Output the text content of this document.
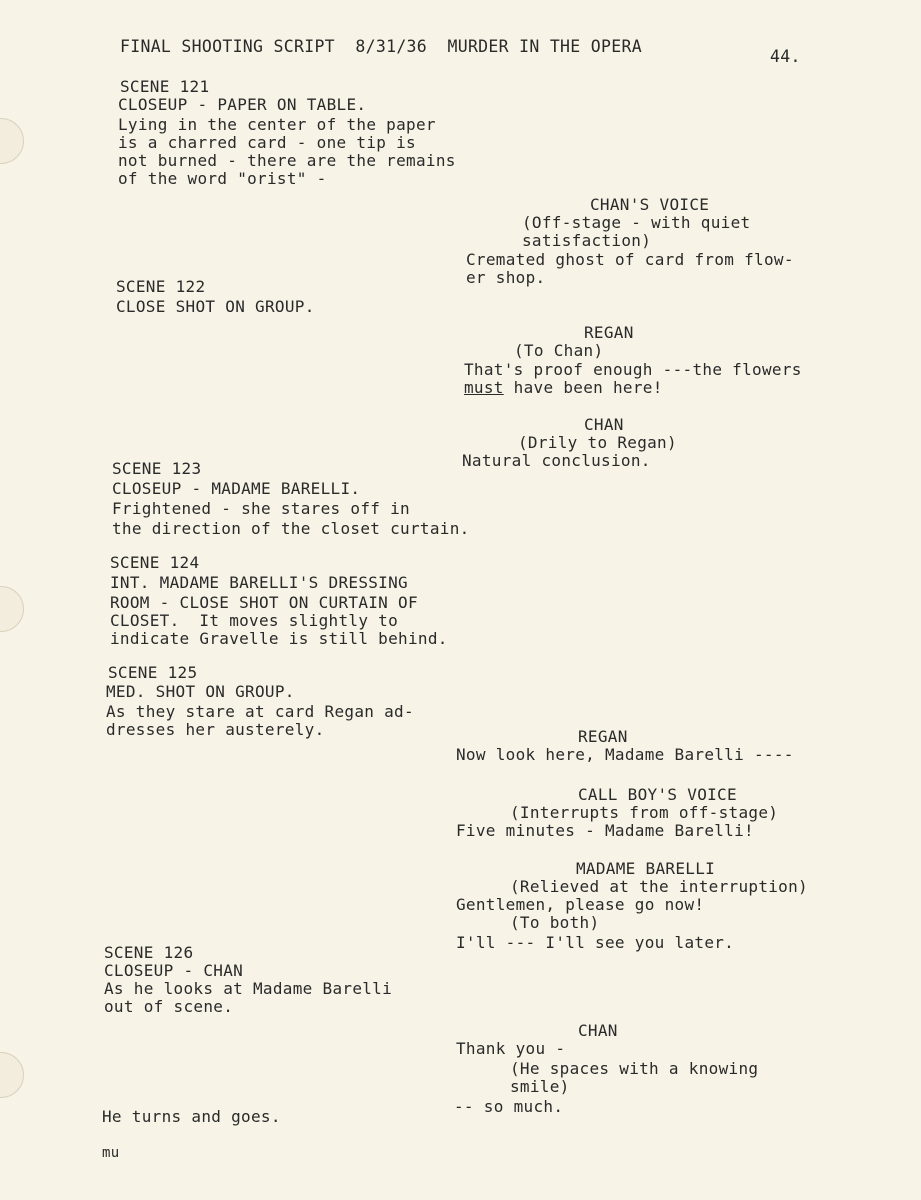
FINAL SHOOTING SCRIPT  8/31/36  MURDER IN THE OPERA
44.
SCENE 121
CLOSEUP - PAPER ON TABLE.
Lying in the center of the paper
is a charred card - one tip is
not burned - there are the remains
of the word "orist" -
CHAN'S VOICE
(Off-stage - with quiet
satisfaction)
Cremated ghost of card from flow-
er shop.
SCENE 122
CLOSE SHOT ON GROUP.
REGAN
(To Chan)
That's proof enough ---the flowers
must have been here!
CHAN
(Drily to Regan)
Natural conclusion.
SCENE 123
CLOSEUP - MADAME BARELLI.
Frightened - she stares off in
the direction of the closet curtain.
SCENE 124
INT. MADAME BARELLI'S DRESSING
ROOM - CLOSE SHOT ON CURTAIN OF
CLOSET.  It moves slightly to
indicate Gravelle is still behind.
SCENE 125
MED. SHOT ON GROUP.
As they stare at card Regan ad-
dresses her austerely.	REGAN
Now look here, Madame Barelli ----
CALL BOY'S VOICE
(Interrupts from off-stage)
Five minutes - Madame Barelli!
MADAME BARELLI
(Relieved at the interruption)
Gentlemen, please go now!
(To both)
I'll --- I'll see you later.
SCENE 126
CLOSEUP - CHAN
As he looks at Madame Barelli
out of scene.
CHAN
Thank you -
(He spaces with a knowing
smile)
-- so much.
He turns and goes.
mu
